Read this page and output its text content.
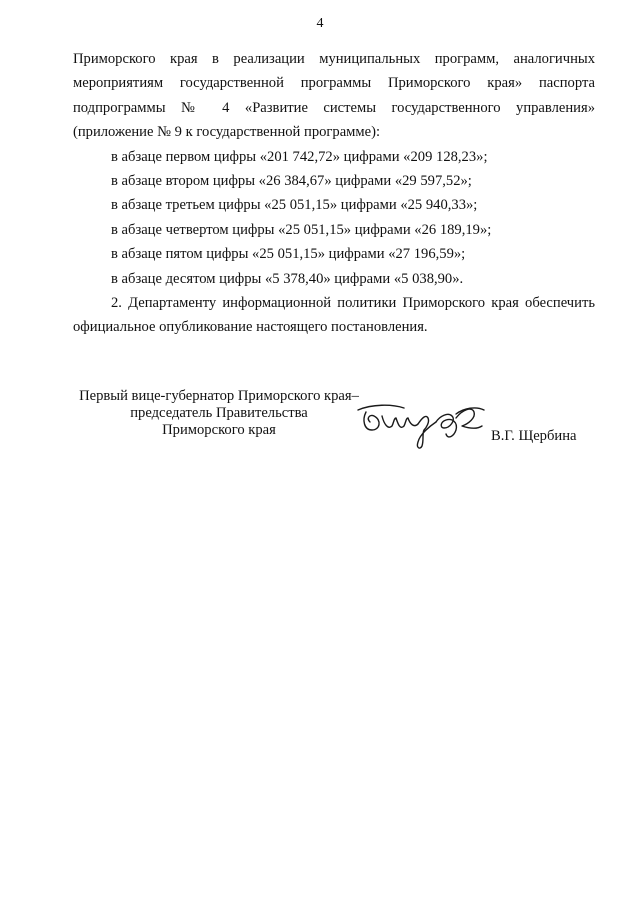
4

Приморского края в реализации муниципальных программ, аналогичных мероприятиям государственной программы Приморского края» паспорта подпрограммы № 4 «Развитие системы государственного управления» (приложение № 9 к государственной программе):

в абзаце первом цифры «201 742,72» цифрами «209 128,23»;

в абзаце втором цифры «26 384,67» цифрами «29 597,52»;

в абзаце третьем цифры «25 051,15» цифрами «25 940,33»;

в абзаце четвертом цифры «25 051,15» цифрами «26 189,19»;

в абзаце пятом цифры «25 051,15» цифрами «27 196,59»;

в абзаце десятом цифры «5 378,40» цифрами «5 038,90».

2. Департаменту информационной политики Приморского края обеспечить официальное опубликование настоящего постановления.

Первый вице-губернатор Приморского края–
председатель Правительства
Приморского края	В.Г. Щербина
